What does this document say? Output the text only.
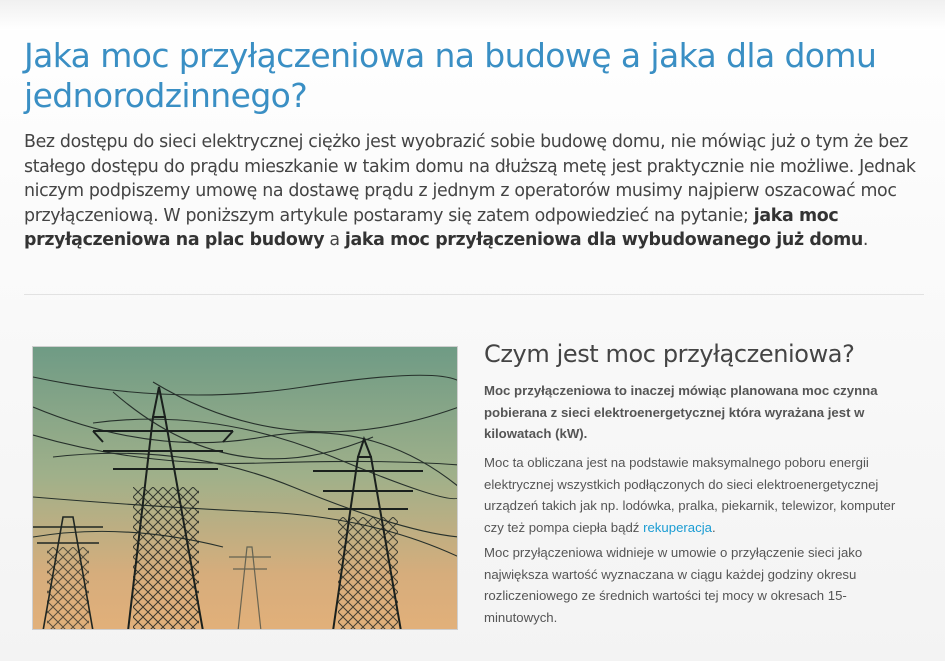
Jaka moc przyłączeniowa na budowę a jaka dla domu jednorodzinnego?

Bez dostępu do sieci elektrycznej ciężko jest wyobrazić sobie budowę domu, nie mówiąc już o tym że bez stałego dostępu do prądu mieszkanie w takim domu na dłuższą metę jest praktycznie nie możliwe. Jednak niczym podpiszemy umowę na dostawę prądu z jednym z operatorów musimy najpierw oszacować moc przyłączeniową. W poniższym artykule postaramy się zatem odpowiedzieć na pytanie; jaka moc przyłączeniowa na plac budowy a jaka moc przyłączeniowa dla wybudowanego już domu.

Czym jest moc przyłączeniowa?

Moc przyłączeniowa to inaczej mówiąc planowana moc czynna pobierana z sieci elektroenergetycznej która wyrażana jest w kilowatach (kW).

Moc ta obliczana jest na podstawie maksymalnego poboru energii elektrycznej wszystkich podłączonych do sieci elektroenergetycznej urządzeń takich jak np. lodówka, pralka, piekarnik, telewizor, komputer czy też pompa ciepła bądź rekuperacja.

Moc przyłączeniowa widnieje w umowie o przyłączenie sieci jako największa wartość wyznaczana w ciągu każdej godziny okresu rozliczeniowego ze średnich wartości tej mocy w okresach 15-minutowych.
